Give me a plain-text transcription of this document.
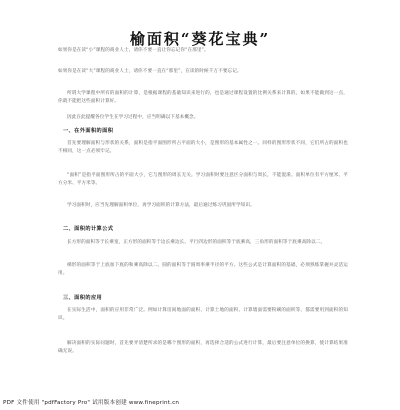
榆面积“葵花宝典”
如果你是在读“小”课程的商业人士，请你不要一直让你忘记你“在那里”。
如果你是在读“大”课程的商业人士，请你不要一直在“那里”，在读的时候千万不要忘记。
所谓大学课程中所有的面积的计算，是根据课程的基础知识来进行的，也是通过课程设置的比例关系来计算的。如果不能做到这一点，你就不能把这些面积计算好。
因此在此提醒各位学生在学习过程中，应当明确以下基本概念。
一、在外面积的面积
首先要理解面积与形状的关系，面积是指平面图形所占平面的大小，是图形的基本属性之一。同样的图形形状不同，它们所占的面积也不相同，这一点必须牢记。
“面积”是指平面图形所占的平面大小，它与图形的周长无关。学习面积时要注意区分面积与周长，不能混淆。面积单位有平方厘米、平方分米、平方米等。
学习面积时，应当先理解面积单位，再学习面积的计算方法，最后通过练习巩固所学知识。
二、面积的计算公式
长方形的面积等于长乘宽，正方形的面积等于边长乘边长。平行四边形的面积等于底乘高，三角形的面积等于底乘高除以二。
梯形的面积等于上底加下底的和乘高除以二。圆的面积等于圆周率乘半径的平方。这些公式是计算面积的基础，必须熟练掌握并灵活运用。
三、面积的应用
在实际生活中，面积的应用非常广泛。例如计算房间地面的面积、计算土地的面积、计算墙面需要粉刷的面积等，都需要用到面积的知识。
解决面积的实际问题时，首先要弄清楚所求的是哪个图形的面积，再选择合适的公式进行计算，最后要注意单位的换算，使计算结果准确无误。
PDF 文件使用 "pdfFactory Pro" 试用版本创建 www.fineprint.cn
